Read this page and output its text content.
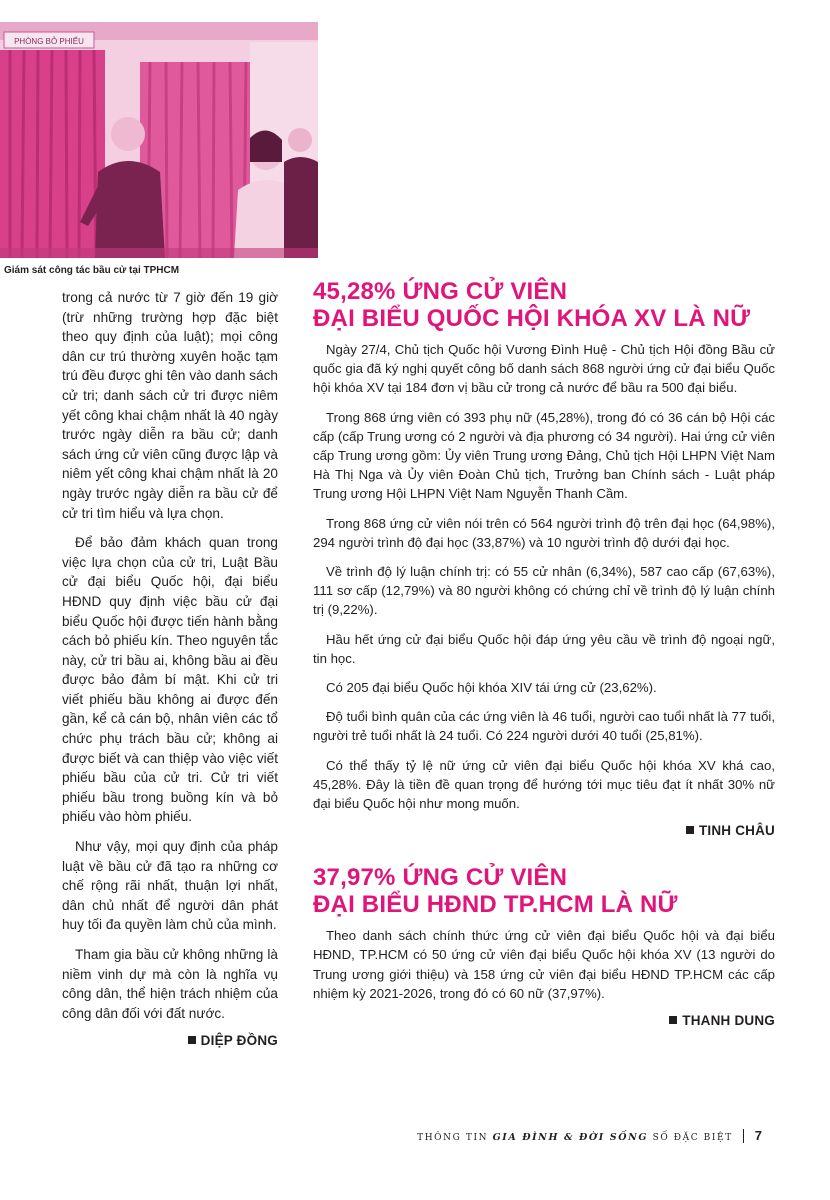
PHÒNG BỎ PHIẾU
Giám sát công tác bầu cử tại TPHCM

trong cả nước từ 7 giờ đến 19 giờ (trừ những trường hợp đặc biệt theo quy định của luật); mọi công dân cư trú thường xuyên hoặc tạm trú đều được ghi tên vào danh sách cử tri; danh sách cử tri được niêm yết công khai chậm nhất là 40 ngày trước ngày diễn ra bầu cử; danh sách ứng cử viên cũng được lập và niêm yết công khai chậm nhất là 20 ngày trước ngày diễn ra bầu cử để cử tri tìm hiểu và lựa chọn.

Để bảo đảm khách quan trong việc lựa chọn của cử tri, Luật Bầu cử đại biểu Quốc hội, đại biểu HĐND quy định việc bầu cử đại biểu Quốc hội được tiến hành bằng cách bỏ phiếu kín. Theo nguyên tắc này, cử tri bầu ai, không bầu ai đều được bảo đảm bí mật. Khi cử tri viết phiếu bầu không ai được đến gần, kể cả cán bộ, nhân viên các tổ chức phụ trách bầu cử; không ai được biết và can thiệp vào việc viết phiếu bầu của cử tri. Cử tri viết phiếu bầu trong buồng kín và bỏ phiếu vào hòm phiếu.

Như vậy, mọi quy định của pháp luật về bầu cử đã tạo ra những cơ chế rộng rãi nhất, thuận lợi nhất, dân chủ nhất để người dân phát huy tối đa quyền làm chủ của mình.

Tham gia bầu cử không những là niềm vinh dự mà còn là nghĩa vụ công dân, thể hiện trách nhiệm của công dân đối với đất nước.

DIỆP ĐỒNG
45,28% ỨNG CỬ VIÊN
ĐẠI BIỂU QUỐC HỘI KHÓA XV LÀ NỮ

Ngày 27/4, Chủ tịch Quốc hội Vương Đình Huệ - Chủ tịch Hội đồng Bầu cử quốc gia đã ký nghị quyết công bố danh sách 868 người ứng cử đại biểu Quốc hội khóa XV tại 184 đơn vị bầu cử trong cả nước để bầu ra 500 đại biểu.

Trong 868 ứng viên có 393 phụ nữ (45,28%), trong đó có 36 cán bộ Hội các cấp (cấp Trung ương có 2 người và địa phương có 34 người). Hai ứng cử viên cấp Trung ương gồm: Ủy viên Trung ương Đảng, Chủ tịch Hội LHPN Việt Nam Hà Thị Nga và Ủy viên Đoàn Chủ tịch, Trưởng ban Chính sách - Luật pháp Trung ương Hội LHPN Việt Nam Nguyễn Thanh Cầm.

Trong 868 ứng cử viên nói trên có 564 người trình độ trên đại học (64,98%), 294 người trình độ đại học (33,87%) và 10 người trình độ dưới đại học.

Về trình độ lý luận chính trị: có 55 cử nhân (6,34%), 587 cao cấp (67,63%), 111 sơ cấp (12,79%) và 80 người không có chứng chỉ về trình độ lý luận chính trị (9,22%).

Hầu hết ứng cử đại biểu Quốc hội đáp ứng yêu cầu về trình độ ngoại ngữ, tin học.

Có 205 đại biểu Quốc hội khóa XIV tái ứng cử (23,62%).

Độ tuổi bình quân của các ứng viên là 46 tuổi, người cao tuổi nhất là 77 tuổi, người trẻ tuổi nhất là 24 tuổi. Có 224 người dưới 40 tuổi (25,81%).

Có thể thấy tỷ lệ nữ ứng cử viên đại biểu Quốc hội khóa XV khá cao, 45,28%. Đây là tiền đề quan trọng để hướng tới mục tiêu đạt ít nhất 30% nữ đại biểu Quốc hội như mong muốn.

TINH CHÂU
37,97% ỨNG CỬ VIÊN
ĐẠI BIỂU HĐND TP.HCM LÀ NỮ

Theo danh sách chính thức ứng cử viên đại biểu Quốc hội và đại biểu HĐND, TP.HCM có 50 ứng cử viên đại biểu Quốc hội khóa XV (13 người do Trung ương giới thiệu) và 158 ứng cử viên đại biểu HĐND TP.HCM các cấp nhiệm kỳ 2021-2026, trong đó có 60 nữ (37,97%).

THANH DUNG
THÔNG TIN GIA ĐÌNH & ĐỜI SỐNG SỐ ĐẶC BIỆT 7
